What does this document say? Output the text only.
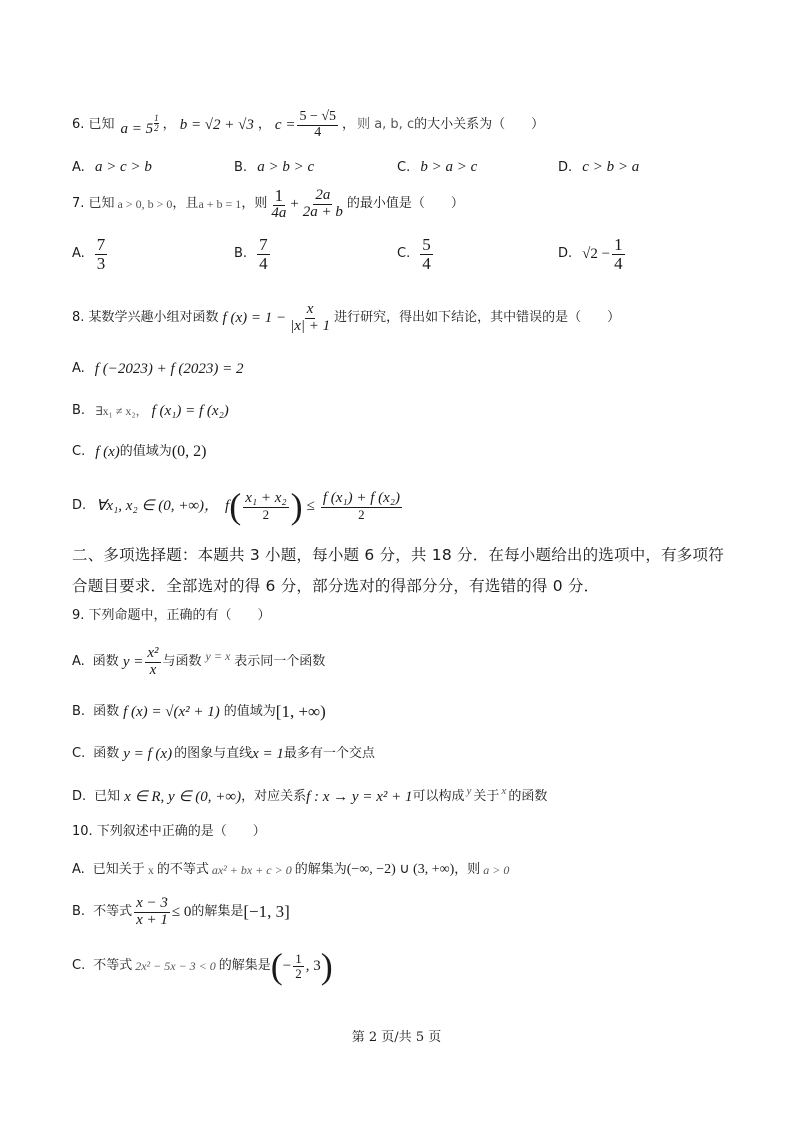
6. 已知 a = 5 $^{\frac{1}{2}}$ ， b = √2 + √3 ， $c = \frac{5 - √5}{4}$ ， 则 a, b, c 的大小关系为（　　）
A. a > c > b	B. a > b > c	C. b > a > c	D. c > b > a
7. 已知 a > 0, b > 0 ，且 a + b = 1 ，则 $\frac{1}{4a} + \frac{2a}{2a + b}$ 的最小值是（　　）
A. $\frac{7}{3}$	B. $\frac{7}{4}$	C. $\frac{5}{4}$	D. $√2 - \frac{1}{4}$
8. 某数学兴趣小组对函数 f $(x) = 1 - \frac{x}{|x| + 1}$ 进行研究，得出如下结论，其中错误的是（　　）
A. f (−2023) + f (2023) = 2
B. ∃x₁ ≠ x₂， f (x₁) = f (x₂)
C. f (x) 的值域为 (0, 2)
D. ∀x₁, x₂ ∈ (0, +∞)， f ( $\frac{\text{x₁ + x₂}}{2}$ ) ≤ $\frac{\text{f (x₁) + f (x₂)}}{2}$
二、多项选择题：本题共 3 小题，每小题 6 分，共 18 分．在每小题给出的选项中，有多项符
合题目要求．全部选对的得 6 分，部分选对的得部分分，有选错的得 0 分．
9. 下列命题中，正确的有（　　）
A. 函数 $y = \frac{\text{x²}}{x}$ 与函数 y = x 表示同一个函数
B. 函数 f (x) = √(x² + 1) 的值域为 [1, +∞)
C. 函数 y = f (x) 的图象与直线 x = 1 最多有一个交点
D. 已知 x ∈ R, y ∈ (0, +∞) ，对应关系 f : x → y = x² + 1 可以构成 y 关于 x 的函数
10. 下列叙述中正确的是（　　）
A. 已知关于 x 的不等式 ax² + bx + c > 0 的解集为 (−∞, −2) ∪ (3, +∞) ，则 a > 0
B. 不等式 $\frac{x - 3}{x + 1} \le 0$ 的解集是 [−1, 3]
C. 不等式 2x² − 5x − 3 < 0 的解集是 ( − $\frac{1}{2}$ , 3 )
第 2 页/共 5 页
